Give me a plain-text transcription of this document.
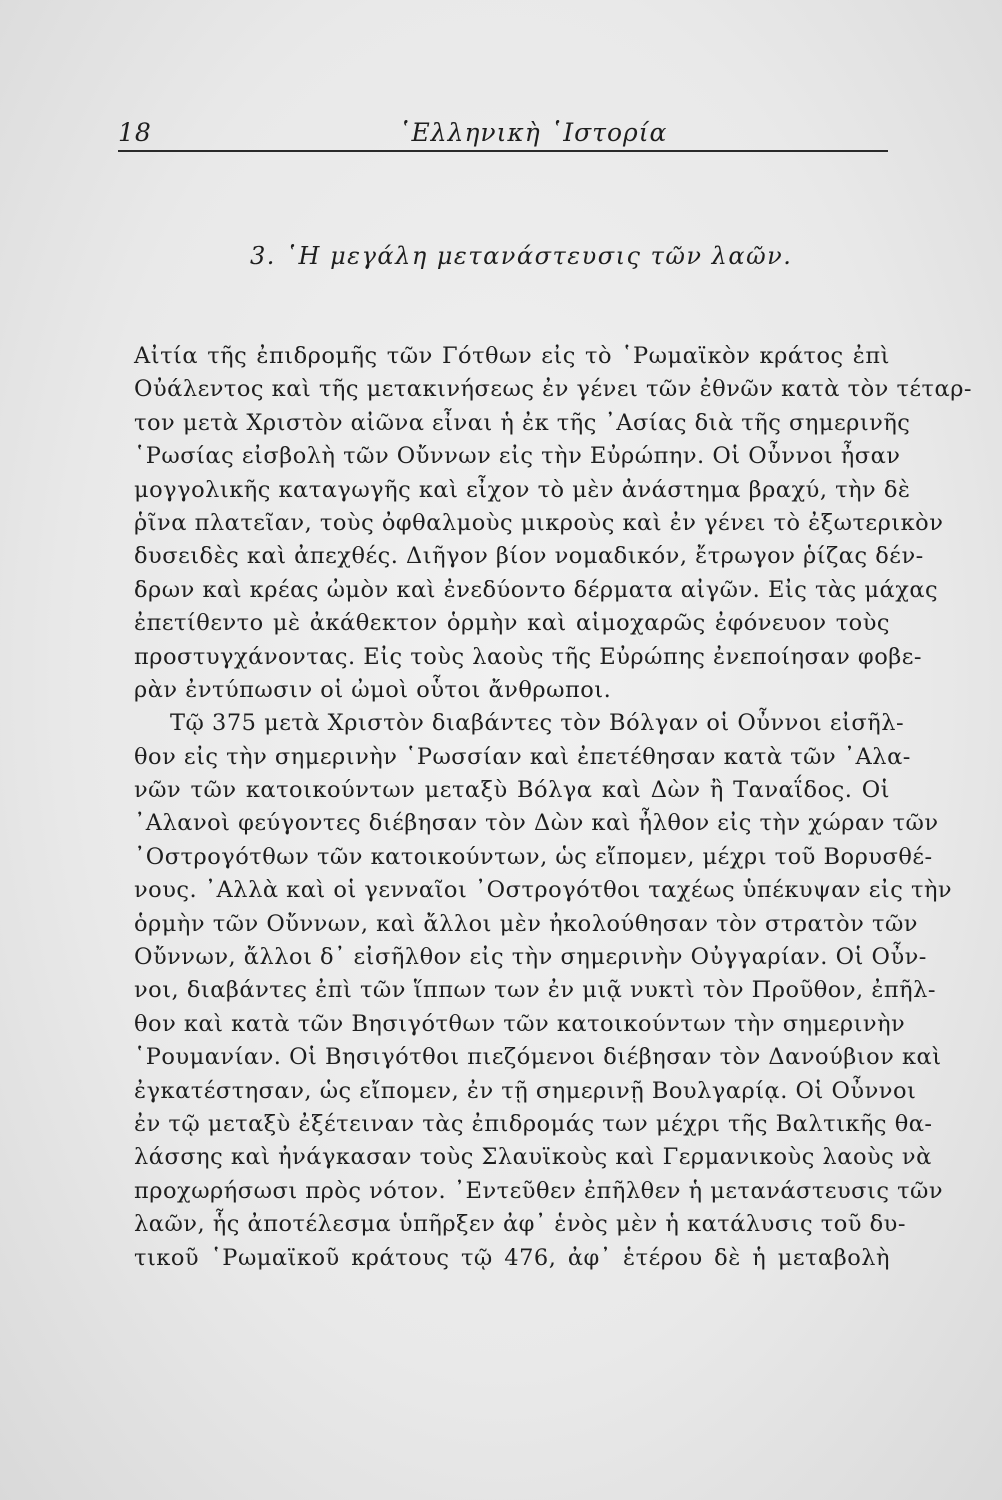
18	῾Ελληνικὴ ῾Ιστορία
3. ῾Η μεγάλη μετανάστευσις τῶν λαῶν.
Αἰτία τῆς ἐπιδρομῆς τῶν Γότθων εἰς τὸ ῾Ρωμαϊκὸν κράτος ἐπὶ
Οὐάλεντος καὶ τῆς μετακινήσεως ἐν γένει τῶν ἐθνῶν κατὰ τὸν τέταρ-
τον μετὰ Χριστὸν αἰῶνα εἶναι ἡ ἐκ τῆς ᾿Ασίας διὰ τῆς σημερινῆς
῾Ρωσίας εἰσβολὴ τῶν Οὔννων εἰς τὴν Εὐρώπην. Οἱ Οὖννοι ἦσαν
μογγολικῆς καταγωγῆς καὶ εἶχον τὸ μὲν ἀνάστημα βραχύ, τὴν δὲ
ῥῖνα πλατεῖαν, τοὺς ὀφθαλμοὺς μικροὺς καὶ ἐν γένει τὸ ἐξωτερικὸν
δυσειδὲς καὶ ἀπεχθές. Διῆγον βίον νομαδικόν, ἔτρωγον ῥίζας δέν-
δρων καὶ κρέας ὠμὸν καὶ ἐνεδύοντο δέρματα αἰγῶν. Εἰς τὰς μάχας
ἐπετίθεντο μὲ ἀκάθεκτον ὁρμὴν καὶ αἱμοχαρῶς ἐφόνευον τοὺς
προστυγχάνοντας. Εἰς τοὺς λαοὺς τῆς Εὐρώπης ἐνεποίησαν φοβε-
ρὰν ἐντύπωσιν οἱ ὠμοὶ οὗτοι ἄνθρωποι.
Τῷ 375 μετὰ Χριστὸν διαβάντες τὸν Βόλγαν οἱ Οὖννοι εἰσῆλ-
θον εἰς τὴν σημερινὴν ῾Ρωσσίαν καὶ ἐπετέθησαν κατὰ τῶν ᾿Αλα-
νῶν τῶν κατοικούντων μεταξὺ Βόλγα καὶ Δὼν ἢ Ταναΐδος. Οἱ
᾿Αλανοὶ φεύγοντες διέβησαν τὸν Δὼν καὶ ἦλθον εἰς τὴν χώραν τῶν
᾿Οστρογότθων τῶν κατοικούντων, ὡς εἴπομεν, μέχρι τοῦ Βορυσθέ-
νους. ᾿Αλλὰ καὶ οἱ γενναῖοι ᾿Οστρογότθοι ταχέως ὑπέκυψαν εἰς τὴν
ὁρμὴν τῶν Οὔννων, καὶ ἄλλοι μὲν ἠκολούθησαν τὸν στρατὸν τῶν
Οὔννων, ἄλλοι δ᾿ εἰσῆλθον εἰς τὴν σημερινὴν Οὐγγαρίαν. Οἱ Οὖν-
νοι, διαβάντες ἐπὶ τῶν ἵππων των ἐν μιᾷ νυκτὶ τὸν Προῦθον, ἐπῆλ-
θον καὶ κατὰ τῶν Βησιγότθων τῶν κατοικούντων τὴν σημερινὴν
῾Ρουμανίαν. Οἱ Βησιγότθοι πιεζόμενοι διέβησαν τὸν Δανούβιον καὶ
ἐγκατέστησαν, ὡς εἴπομεν, ἐν τῇ σημερινῇ Βουλγαρίᾳ. Οἱ Οὖννοι
ἐν τῷ μεταξὺ ἐξέτειναν τὰς ἐπιδρομάς των μέχρι τῆς Βαλτικῆς θα-
λάσσης καὶ ἠνάγκασαν τοὺς Σλαυϊκοὺς καὶ Γερμανικοὺς λαοὺς νὰ
προχωρήσωσι πρὸς νότον. ᾿Εντεῦθεν ἐπῆλθεν ἡ μετανάστευσις τῶν
λαῶν, ἧς ἀποτέλεσμα ὑπῆρξεν ἀφ᾿ ἑνὸς μὲν ἡ κατάλυσις τοῦ δυ-
τικοῦ ῾Ρωμαϊκοῦ κράτους τῷ 476, ἀφ᾿ ἑτέρου δὲ ἡ μεταβολὴ
